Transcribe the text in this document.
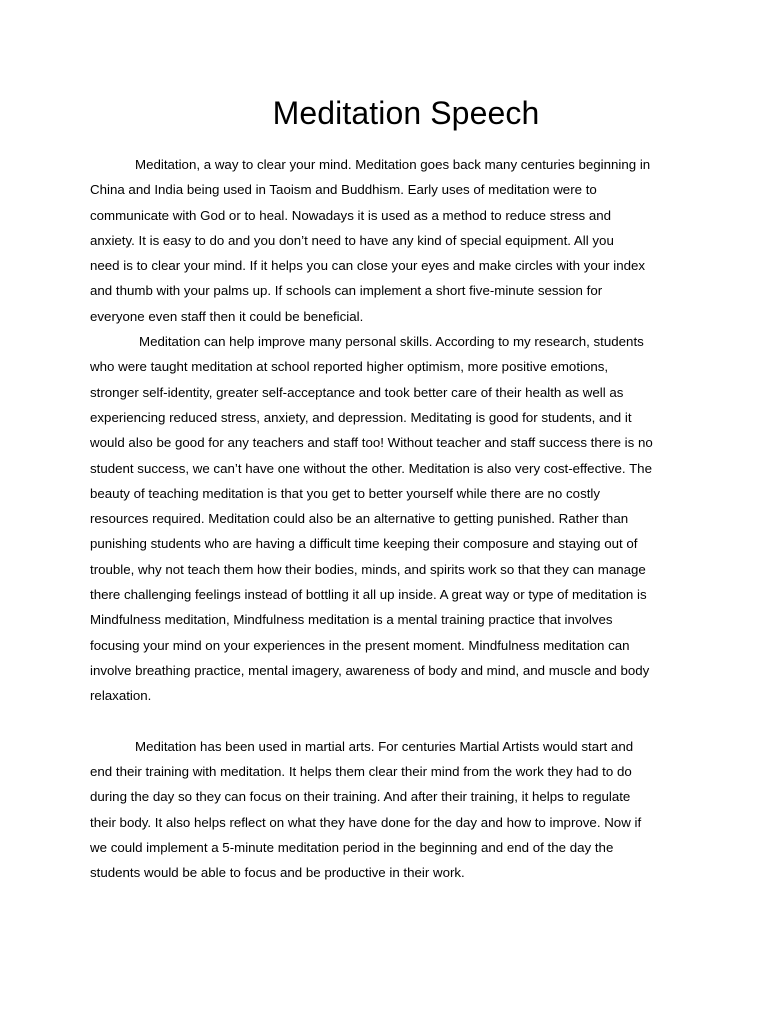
Meditation Speech
Meditation, a way to clear your mind. Meditation goes back many centuries beginning in
China and India being used in Taoism and Buddhism. Early uses of meditation were to
communicate with God or to heal. Nowadays it is used as a method to reduce stress and
anxiety. It is easy to do and you don’t need to have any kind of special equipment. All you
need is to clear your mind. If it helps you can close your eyes and make circles with your index
and thumb with your palms up. If schools can implement a short five-minute session for
everyone even staff then it could be beneficial.
Meditation can help improve many personal skills. According to my research, students
who were taught meditation at school reported higher optimism, more positive emotions,
stronger self-identity, greater self-acceptance and took better care of their health as well as
experiencing reduced stress, anxiety, and depression. Meditating is good for students, and it
would also be good for any teachers and staff too! Without teacher and staff success there is no
student success, we can’t have one without the other. Meditation is also very cost-effective. The
beauty of teaching meditation is that you get to better yourself while there are no costly
resources required. Meditation could also be an alternative to getting punished. Rather than
punishing students who are having a difficult time keeping their composure and staying out of
trouble, why not teach them how their bodies, minds, and spirits work so that they can manage
there challenging feelings instead of bottling it all up inside. A great way or type of meditation is
Mindfulness meditation, Mindfulness meditation is a mental training practice that involves
focusing your mind on your experiences in the present moment. Mindfulness meditation can
involve breathing practice, mental imagery, awareness of body and mind, and muscle and body
relaxation.
Meditation has been used in martial arts. For centuries Martial Artists would start and
end their training with meditation. It helps them clear their mind from the work they had to do
during the day so they can focus on their training. And after their training, it helps to regulate
their body. It also helps reflect on what they have done for the day and how to improve. Now if
we could implement a 5-minute meditation period in the beginning and end of the day the
students would be able to focus and be productive in their work.
